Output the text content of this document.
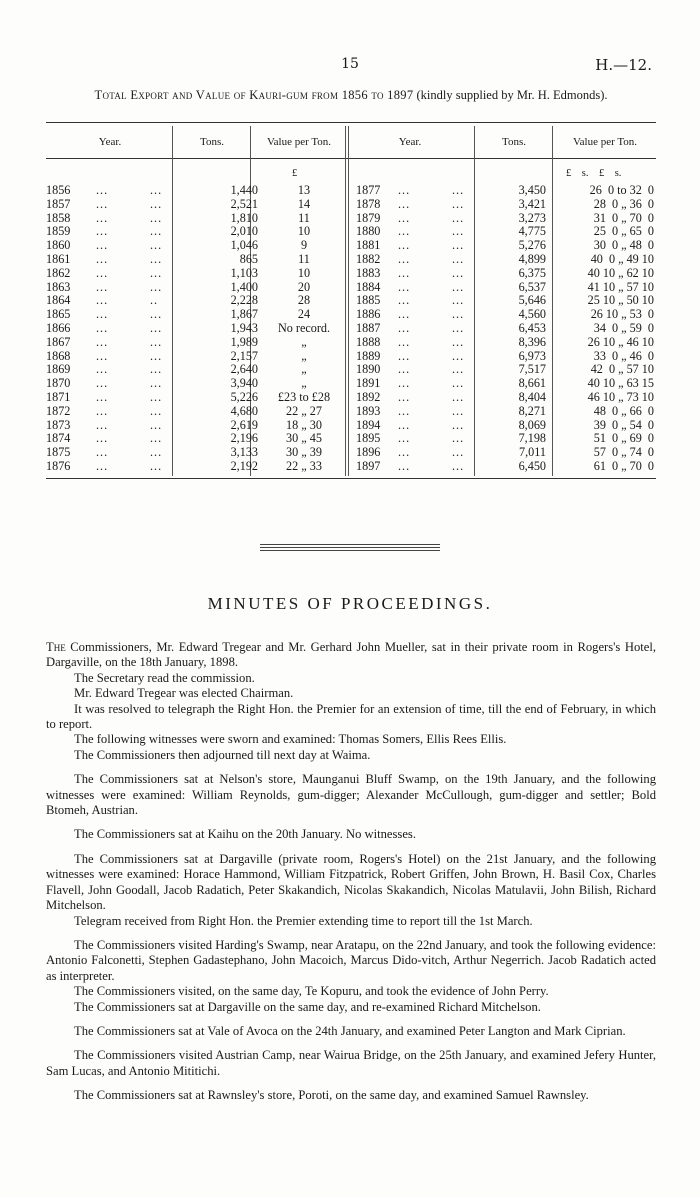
15	H.—12.
Total Export and Value of Kauri-gum from 1856 to 1897 (kindly supplied by Mr. H. Edmonds).
Year.	Tons.	Value per Ton.	Year.	Tons.	Value per Ton.
£	£    s.    £    s.
1856 ...	...	1,440	13	1877 ...	...	3,450	26  0 to 32  0
1857 ...	...	2,521	14	1878 ...	...	3,421	28  0 „ 36  0
1858 ...	...	1,810	11	1879 ...	...	3,273	31  0 „ 70  0
1859 ...	...	2,010	10	1880 ...	...	4,775	25  0 „ 65  0
1860 ...	...	1,046	9	1881 ...	...	5,276	30  0 „ 48  0
1861 ...	...	865	11	1882 ...	...	4,899	40  0 „ 49 10
1862 ...	...	1,103	10	1883 ...	...	6,375	40 10 „ 62 10
1863 ...	...	1,400	20	1884 ...	...	6,537	41 10 „ 57 10
1864 ...	..	2,228	28	1885 ...	...	5,646	25 10 „ 50 10
1865 ...	...	1,867	24	1886 ...	...	4,560	26 10 „ 53  0
1866 ...	...	1,943	No record.	1887 ...	...	6,453	34  0 „ 59  0
1867 ...	...	1,989	„	1888 ...	...	8,396	26 10 „ 46 10
1868 ...	...	2,157	„	1889 ...	...	6,973	33  0 „ 46  0
1869 ...	...	2,640	„	1890 ...	...	7,517	42  0 „ 57 10
1870 ...	...	3,940	„	1891 ...	...	8,661	40 10 „ 63 15
1871 ...	...	5,226	£23 to £28	1892 ...	...	8,404	46 10 „ 73 10
1872 ...	...	4,680	22 „ 27	1893 ...	...	8,271	48  0 „ 66  0
1873 ...	...	2,619	18 „ 30	1894 ...	...	8,069	39  0 „ 54  0
1874 ...	...	2,196	30 „ 45	1895 ...	...	7,198	51  0 „ 69  0
1875 ...	...	3,133	30 „ 39	1896 ...	...	7,011	57  0 „ 74  0
1876 ...	...	2,192	22 „ 33	1897 ...	...	6,450	61  0 „ 70  0
MINUTES OF PROCEEDINGS.

The Commissioners, Mr. Edward Tregear and Mr. Gerhard John Mueller, sat in their private room in Rogers's Hotel, Dargaville, on the 18th January, 1898.

The Secretary read the commission.

Mr. Edward Tregear was elected Chairman.

It was resolved to telegraph the Right Hon. the Premier for an extension of time, till the end of February, in which to report.

The following witnesses were sworn and examined: Thomas Somers, Ellis Rees Ellis.

The Commissioners then adjourned till next day at Waima.

The Commissioners sat at Nelson's store, Maunganui Bluff Swamp, on the 19th January, and the following witnesses were examined: William Reynolds, gum-digger; Alexander McCullough, gum-digger and settler; Bold Btomeh, Austrian.

The Commissioners sat at Kaihu on the 20th January. No witnesses.

The Commissioners sat at Dargaville (private room, Rogers's Hotel) on the 21st January, and the following witnesses were examined: Horace Hammond, William Fitzpatrick, Robert Griffen, John Brown, H. Basil Cox, Charles Flavell, John Goodall, Jacob Radatich, Peter Skakandich, Nicolas Skakandich, Nicolas Matulavii, John Bilish, Richard Mitchelson.

Telegram received from Right Hon. the Premier extending time to report till the 1st March.

The Commissioners visited Harding's Swamp, near Aratapu, on the 22nd January, and took the following evidence: Antonio Falconetti, Stephen Gadastephano, John Macoich, Marcus Dido-vitch, Arthur Negerrich. Jacob Radatich acted as interpreter.

The Commissioners visited, on the same day, Te Kopuru, and took the evidence of John Perry.

The Commissioners sat at Dargaville on the same day, and re-examined Richard Mitchelson.

The Commissioners sat at Vale of Avoca on the 24th January, and examined Peter Langton and Mark Ciprian.

The Commissioners visited Austrian Camp, near Wairua Bridge, on the 25th January, and examined Jefery Hunter, Sam Lucas, and Antonio Mititichi.

The Commissioners sat at Rawnsley's store, Poroti, on the same day, and examined Samuel Rawnsley.
